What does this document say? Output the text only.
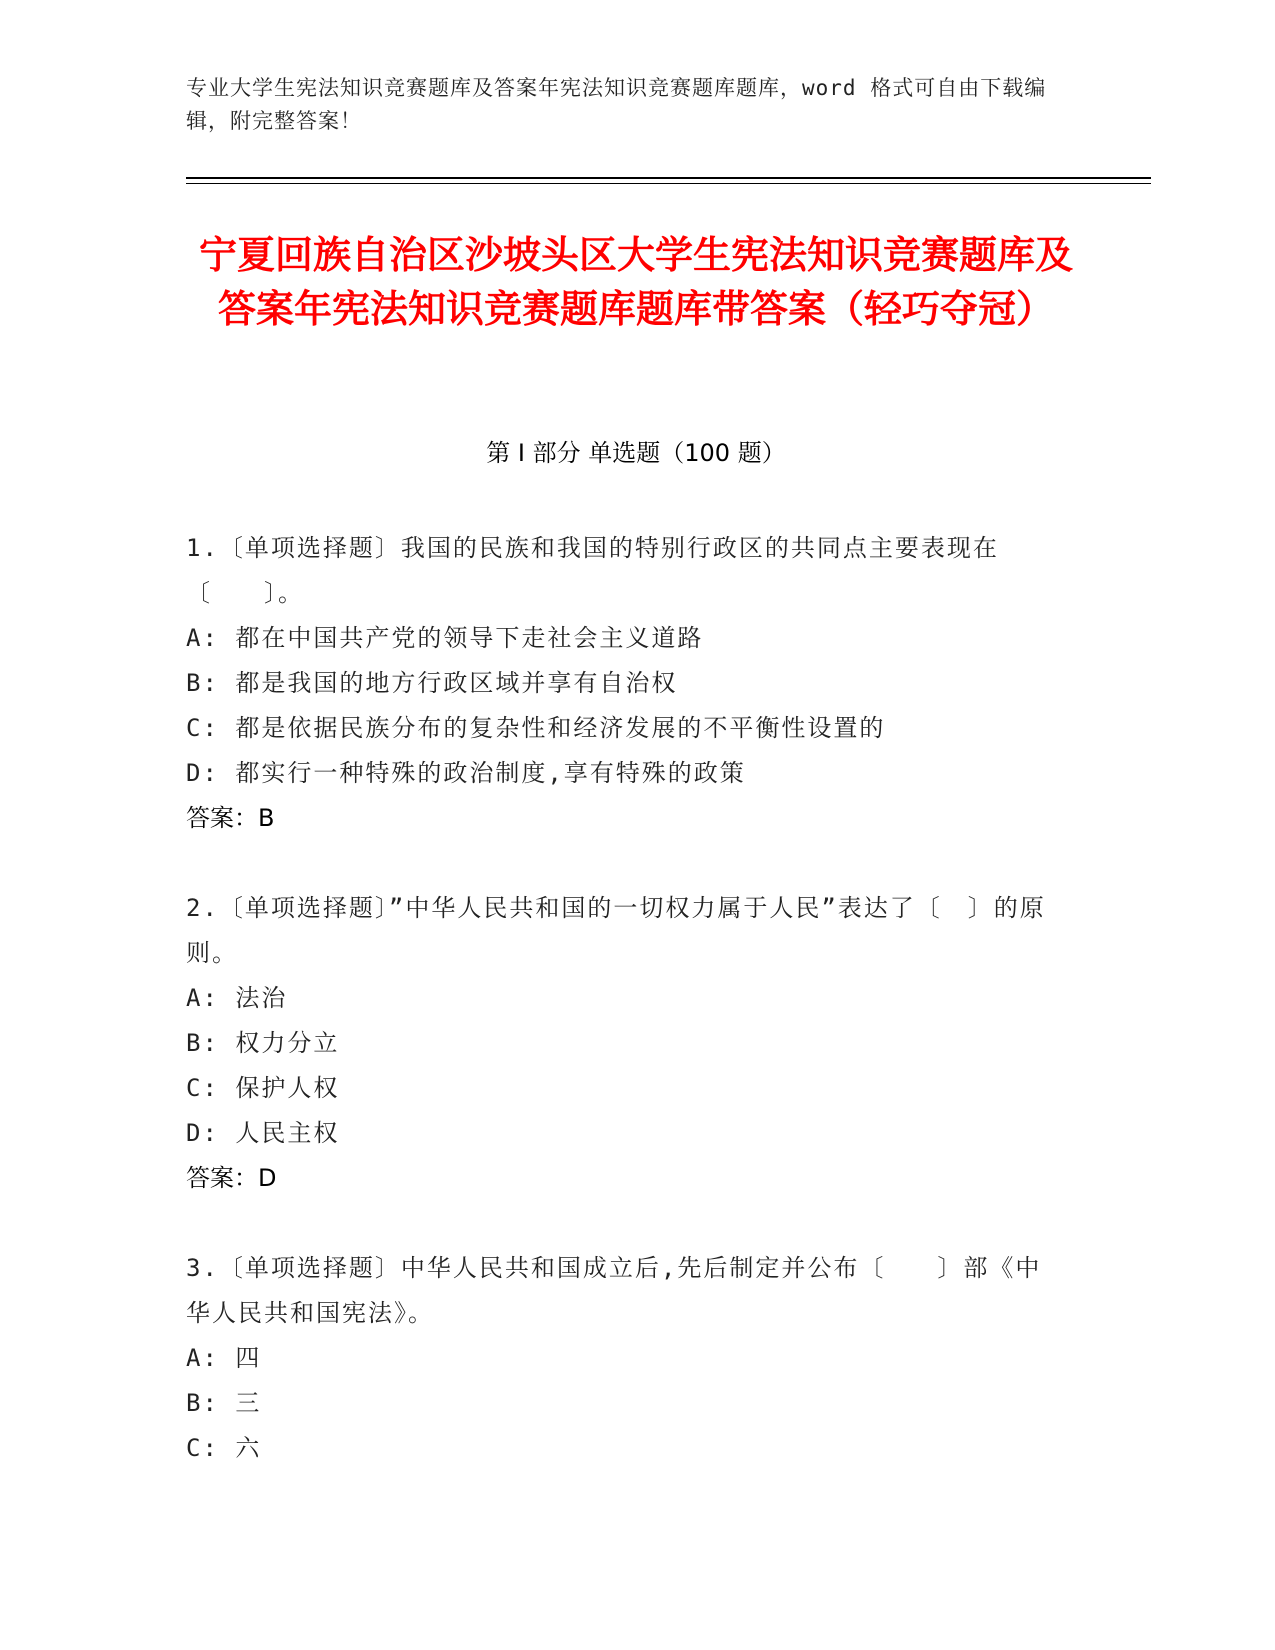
专业大学生宪法知识竞赛题库及答案年宪法知识竞赛题库题库，word 格式可自由下载编辑，附完整答案！
宁夏回族自治区沙坡头区大学生宪法知识竞赛题库及答案年宪法知识竞赛题库题库带答案（轻巧夺冠）
第 I 部分 单选题（100 题）

1.〔单项选择题〕我国的民族和我国的特别行政区的共同点主要表现在〔　　〕。

A: 都在中国共产党的领导下走社会主义道路

B: 都是我国的地方行政区域并享有自治权

C: 都是依据民族分布的复杂性和经济发展的不平衡性设置的

D: 都实行一种特殊的政治制度,享有特殊的政策

答案：B

2.〔单项选择题〕”中华人民共和国的一切权力属于人民”表达了〔　〕的原则。

A: 法治

B: 权力分立

C: 保护人权

D: 人民主权

答案：D

3.〔单项选择题〕中华人民共和国成立后,先后制定并公布〔　　〕部《中华人民共和国宪法》。

A: 四

B: 三

C: 六
